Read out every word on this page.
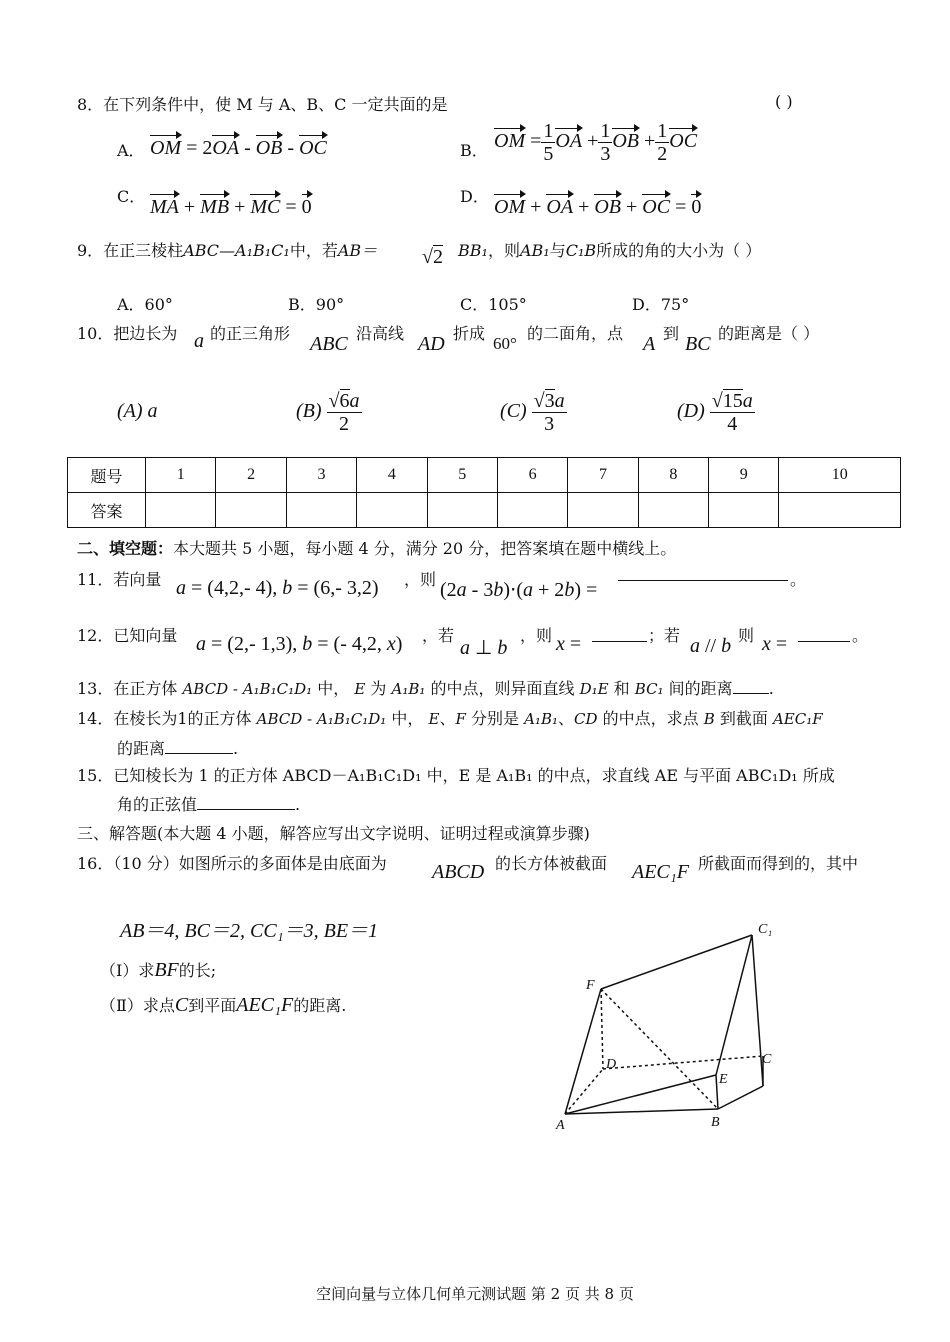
8．在下列条件中，使 M 与 A、B、C 一定共面的是	( )
A． OM = 2OA - OB - OC	B． OM = $\frac{1}{5}$ OA + $\frac{1}{3}$ OB + $\frac{1}{2}$ OC
C． MA + MB + MC = 0	D． OM + OA + OB + OC = 0
9．在正三棱柱ABC—A₁B₁C₁中，若AB＝ √2 BB₁，则AB₁与C₁B所成的角的大小为（ ）
A．60°	B．90°	C．105°	D．75°
10．把边长为 a 的正三角形 ABC 沿高线 AD 折成
60°
的二面角，点 A 到 BC 的距离是（ ）
(A) a	$(B) \frac{√6a}{2}$	$(C) \frac{√3a}{3}$	$(D) \frac{√15a}{4}$
题号	1	2	3	4	5	6	7	8	9	10
答案										
二、填空题：本大题共 5 小题，每小题 4 分，满分 20 分，把答案填在题中横线上。
11．若向量 a = (4,2,- 4), b = (6,- 3,2) ，则 (2a - 3b)⋅(a + 2b) =	。
12．已知向量 a = (2,- 1,3), b = (- 4,2, x) ，若
a ⊥ b
，则 x =	；若 a // b 则 x =	。
13．在正方体 ABCD - A₁B₁C₁D₁ 中， E 为 A₁B₁ 的中点，则异面直线 D₁E 和 BC₁ 间的距离 .
14．在棱长为1的正方体 ABCD - A₁B₁C₁D₁ 中， E、F 分别是 A₁B₁、CD 的中点，求点 B 到截面 AEC₁F
的距离	.
15．已知棱长为 1 的正方体 ABCD－A₁B₁C₁D₁ 中，E 是 A₁B₁ 的中点，求直线 AE 与平面 ABC₁D₁ 所成
角的正弦值	.
三、解答题(本大题 4 小题，解答应写出文字说明、证明过程或演算步骤)
16．（10 分）如图所示的多面体是由底面为 ABCD 的长方体被截面 AEC₁F 所截面而得到的，其中
AB＝4, BC＝2, CC₁＝3, BE＝1
（Ⅰ）求BF的长;
（Ⅱ）求点C到平面AEC₁F的距离.
C₁
F
D	C
E
A	B
空间向量与立体几何单元测试题 第 2 页 共 8 页
